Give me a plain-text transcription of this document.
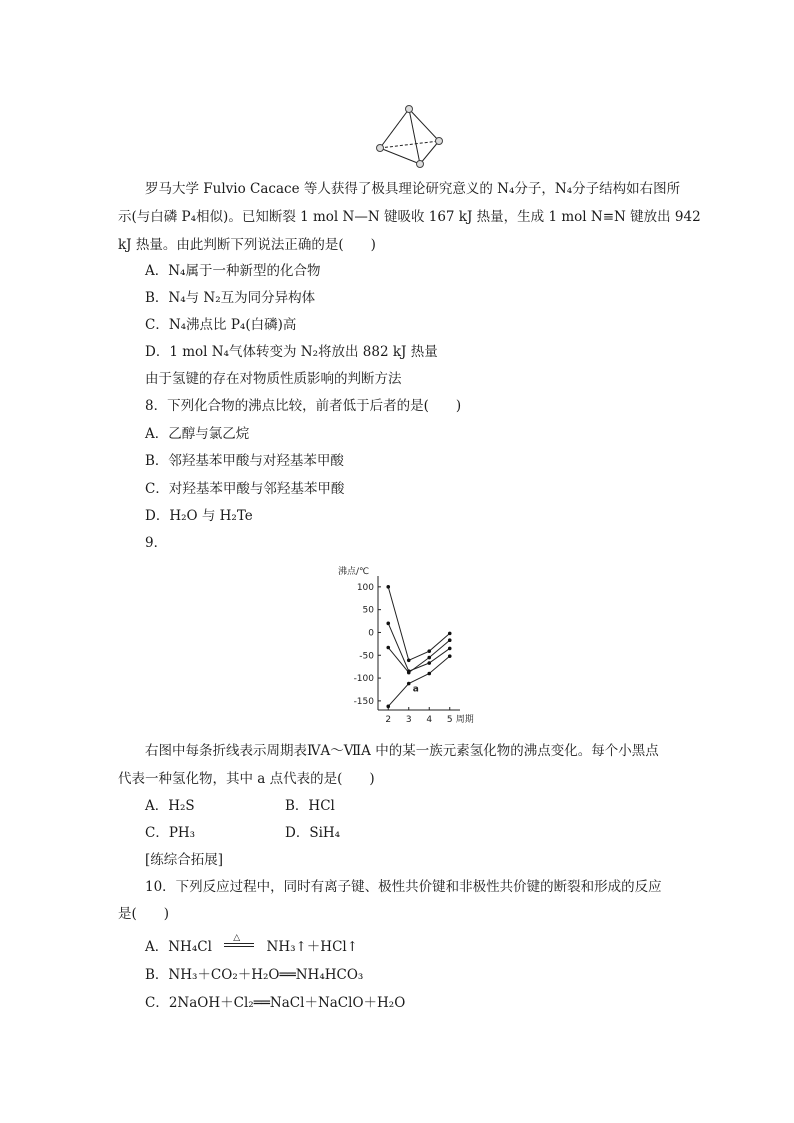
罗马大学 Fulvio Cacace 等人获得了极具理论研究意义的 N₄分子，N₄分子结构如右图所
示(与白磷 P₄相似)。已知断裂 1 mol N—N 键吸收 167 kJ 热量，生成 1 mol N≡N 键放出 942
kJ 热量。由此判断下列说法正确的是(　　)
A．N₄属于一种新型的化合物
B．N₄与 N₂互为同分异构体
C．N₄沸点比 P₄(白磷)高
D．1 mol N₄气体转变为 N₂将放出 882 kJ 热量
由于氢键的存在对物质性质影响的判断方法
8．下列化合物的沸点比较，前者低于后者的是(　　)
A．乙醇与氯乙烷
B．邻羟基苯甲酸与对羟基苯甲酸
C．对羟基苯甲酸与邻羟基苯甲酸
D．H₂O 与 H₂Te
9．
沸点/℃
100
50
0
-50
-100
-150
2 3 4 5 周期
a
右图中每条折线表示周期表ⅣA～ⅦA 中的某一族元素氢化物的沸点变化。每个小黑点
代表一种氢化物，其中 a 点代表的是(　　)
A．H₂S	B．HCl
C．PH₃	D．SiH₄
[练综合拓展]
10．下列反应过程中，同时有离子键、极性共价键和非极性共价键的断裂和形成的反应
是(　　)
A．NH₄Cl
△
NH₃↑＋HCl↑
B．NH₃＋CO₂＋H₂O══NH₄HCO₃
C．2NaOH＋Cl₂══NaCl＋NaClO＋H₂O
